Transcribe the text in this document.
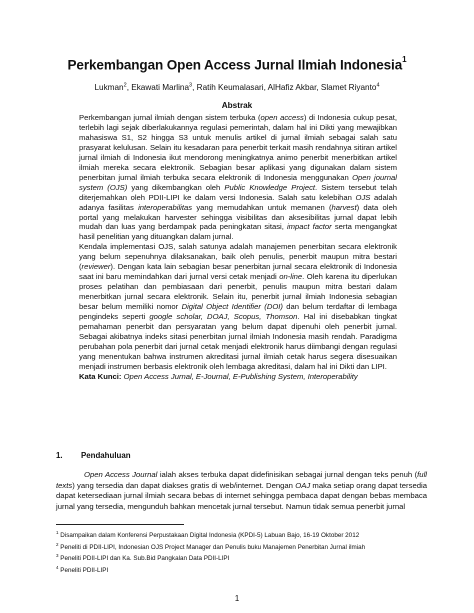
Perkembangan Open Access Jurnal Ilmiah Indonesia$^1$
Lukman$^2$, Ekawati Marlina$^3$, Ratih Keumalasari, AlHafiz Akbar, Slamet Riyanto$^4$
Abstrak

Perkembangan jurnal ilmiah dengan sistem terbuka (open access) di Indonesia cukup pesat, terlebih lagi sejak diberlakukannya regulasi pemerintah, dalam hal ini Dikti yang mewajibkan mahasiswa S1, S2 hingga S3 untuk menulis artikel di jurnal ilmiah sebagai salah satu prasyarat kelulusan. Selain itu kesadaran para penerbit terkait masih rendahnya sitiran artikel jurnal ilmiah di Indonesia ikut mendorong meningkatnya animo penerbit menerbitkan artikel ilmiah mereka secara elektronik. Sebagian besar aplikasi yang digunakan dalam sistem penerbitan jurnal ilmiah terbuka secara elektronik di Indonesia menggunakan Open journal system (OJS) yang dikembangkan oleh Public Knowledge Project. Sistem tersebut telah diterjemahkan oleh PDII-LIPI ke dalam versi Indonesia. Salah satu kelebihan OJS adalah adanya fasilitas interoperabilitas yang memudahkan untuk memanen (harvest) data oleh portal yang melakukan harvester sehingga visibilitas dan aksesibilitas jurnal dapat lebih mudah dan luas yang berdampak pada peningkatan sitasi, impact factor serta mengangkat hasil penelitian yang dituangkan dalam jurnal.

Kendala implementasi OJS, salah satunya adalah manajemen penerbitan secara elektronik yang belum sepenuhnya dilaksanakan, baik oleh penulis, penerbit maupun mitra bestari (reviewer). Dengan kata lain sebagian besar penerbitan jurnal secara elektronik di Indonesia saat ini baru memindahkan dari jurnal versi cetak menjadi on-line. Oleh karena itu diperlukan proses pelatihan dan pembiasaan dari penerbit, penulis maupun mitra bestari dalam menerbitkan jurnal secara elektronik. Selain itu, penerbit jurnal ilmiah Indonesia sebagian besar belum memiliki nomor Digital Object Identifier (DOI) dan belum terdaftar di lembaga pengindeks seperti google scholar, DOAJ, Scopus, Thomson. Hal ini disebabkan tingkat pemahaman penerbit dan persyaratan yang belum dapat dipenuhi oleh penerbit jurnal. Sebagai akibatnya indeks sitasi penerbitan jurnal ilmiah Indonesia masih rendah. Paradigma perubahan pola penerbit dari jurnal cetak menjadi elektronik harus diimbangi dengan regulasi yang menentukan bahwa instrumen akreditasi jurnal ilmiah cetak harus segera disesuaikan menjadi instrumen berbasis elektronik oleh lembaga akreditasi, dalam hal ini Dikti dan LIPI.

Kata Kunci: Open Access Jurnal, E-Journal, E-Publishing System, Interoperability

1. Pendahuluan

Open Access Journal ialah akses terbuka dapat didefinisikan sebagai jurnal dengan teks penuh (full texts) yang tersedia dan dapat diakses gratis di web/internet. Dengan OAJ maka setiap orang dapat tersedia dapat ketersediaan jurnal ilmiah secara bebas di internet sehingga pembaca dapat dengan bebas membaca jurnal yang tersedia, mengunduh bahkan mencetak jurnal tersebut. Namun tidak semua penerbit jurnal

$^1$ Disampaikan dalam Konferensi Perpustakaan Digital Indonesia (KPDI-5) Labuan Bajo, 16-19 Oktober 2012
$^2$ Peneliti di PDII-LIPI, Indonesian OJS Project Manager dan Penulis buku Manajemen Penerbitan Jurnal ilmiah
$^3$ Peneliti PDII-LIPI dan Ka. Sub.Bid Pangkalan Data PDII-LIPI
$^4$ Peneliti PDII-LIPI
1
